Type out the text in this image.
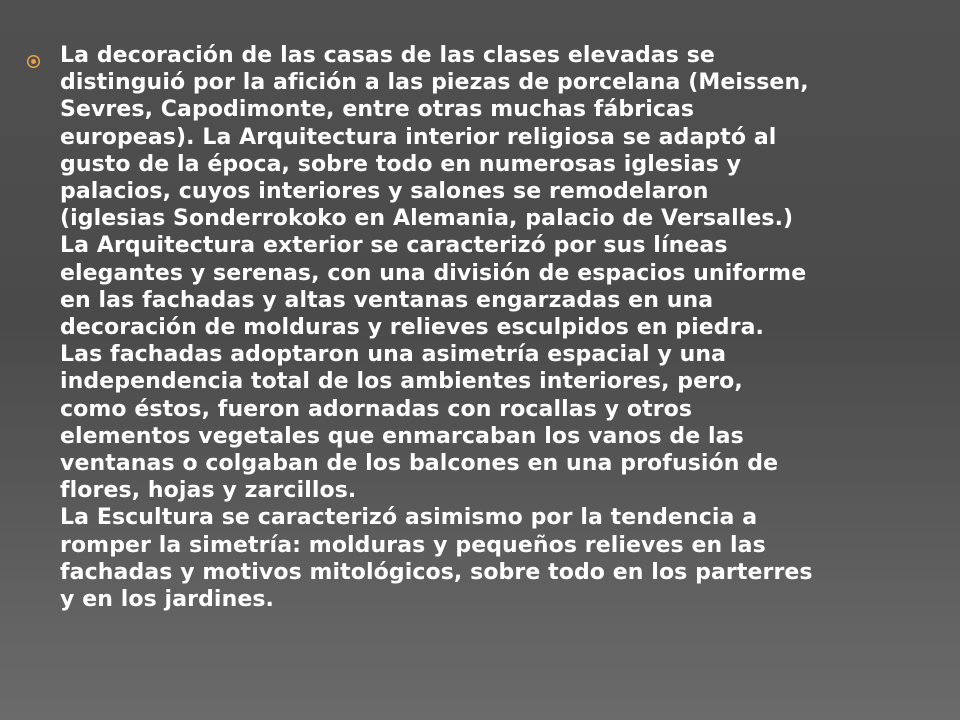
La decoración de las casas de las clases elevadas se
distinguió por la afición a las piezas de porcelana (Meissen,
Sevres, Capodimonte, entre otras muchas fábricas
europeas). La Arquitectura interior religiosa se adaptó al
gusto de la época, sobre todo en numerosas iglesias y
palacios, cuyos interiores y salones se remodelaron
(iglesias Sonderrokoko en Alemania, palacio de Versalles.)
La Arquitectura exterior se caracterizó por sus líneas
elegantes y serenas, con una división de espacios uniforme
en las fachadas y altas ventanas engarzadas en una
decoración de molduras y relieves esculpidos en piedra.
Las fachadas adoptaron una asimetría espacial y una
independencia total de los ambientes interiores, pero,
como éstos, fueron adornadas con rocallas y otros
elementos vegetales que enmarcaban los vanos de las
ventanas o colgaban de los balcones en una profusión de
flores, hojas y zarcillos.
La Escultura se caracterizó asimismo por la tendencia a
romper la simetría: molduras y pequeños relieves en las
fachadas y motivos mitológicos, sobre todo en los parterres
y en los jardines.
